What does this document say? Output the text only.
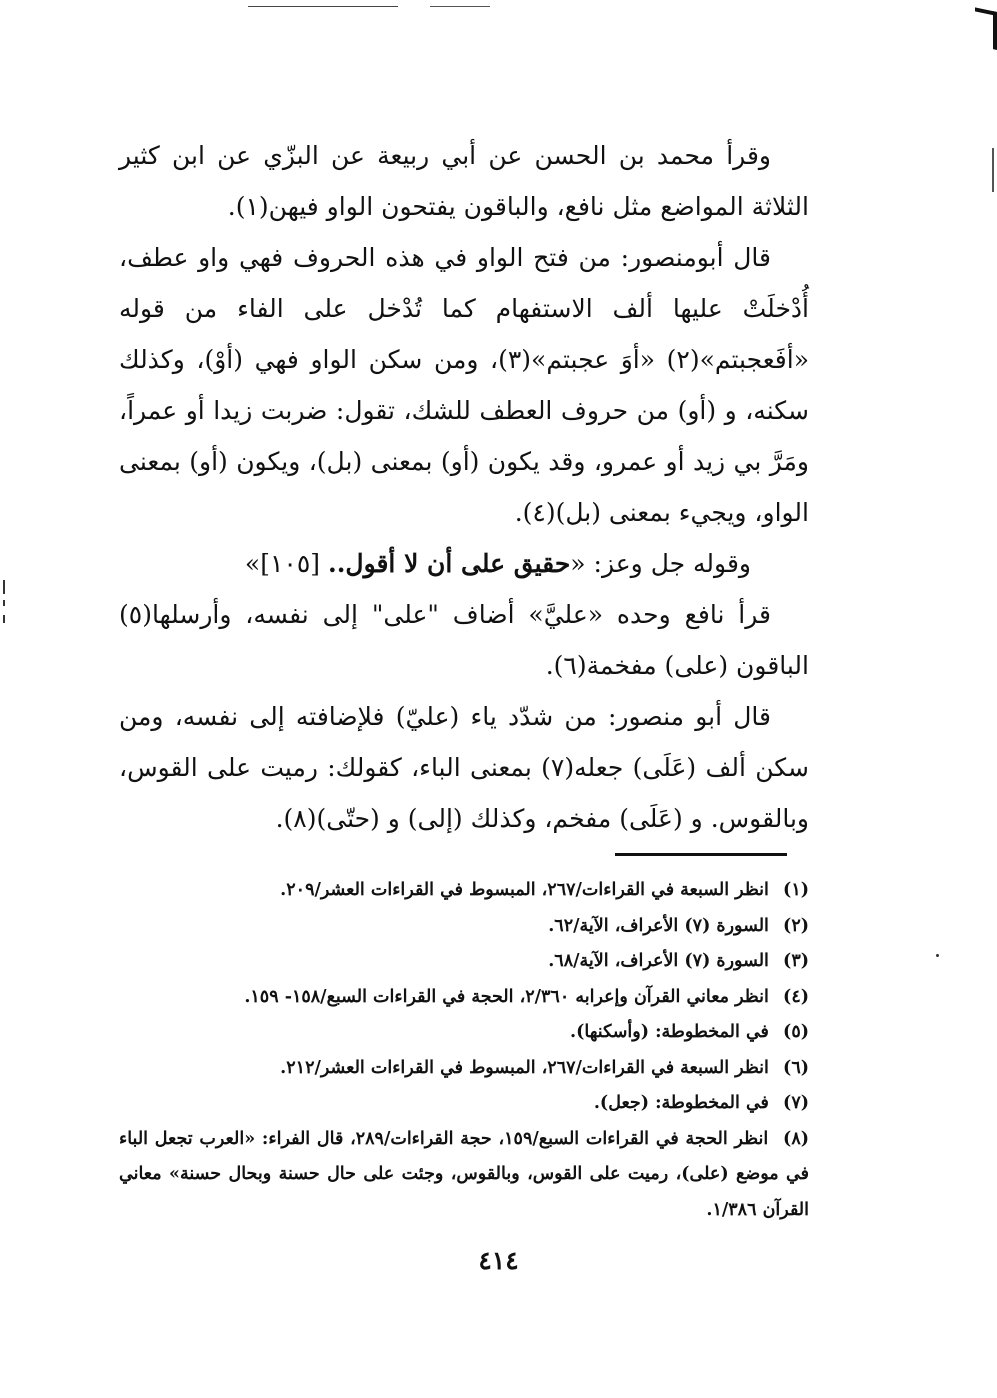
وقرأ محمد بن الحسن عن أبي ربيعة عن البزّي عن ابن كثير الثلاثة المواضع مثل نافع، والباقون يفتحون الواو فيهن(١).

قال أبومنصور: من فتح الواو في هذه الحروف فهي واو عطف، أُدْخلَتْ عليها ألف الاستفهام كما تُدْخل على الفاء من قوله «أفَعجبتم»(٢) «أوَ عجبتم»(٣)، ومن سكن الواو فهي (أوْ)، وكذلك سكنه، و (أو) من حروف العطف للشك، تقول: ضربت زيدا أو عمراً، ومَرَّ بي زيد أو عمرو، وقد يكون (أو) بمعنى (بل)، ويكون (أو) بمعنى الواو، ويجيء بمعنى (بل)(٤).

وقوله جل وعز: «حقيق على أن لا أقول.. [١٠٥]»

قرأ نافع وحده «عليَّ» أضاف "على" إلى نفسه، وأرسلها(٥) الباقون (على) مفخمة(٦).

قال أبو منصور: من شدّد ياء (عليّ) فلإضافته إلى نفسه، ومن سكن ألف (عَلَى) جعله(٧) بمعنى الباء، كقولك: رميت على القوس، وبالقوس. و (عَلَى) مفخم، وكذلك (إلى) و (حتّى)(٨).

(١) انظر السبعة في القراءات/٢٦٧، المبسوط في القراءات العشر/٢٠٩.

(٢) السورة (٧) الأعراف، الآية/٦٢.

(٣) السورة (٧) الأعراف، الآية/٦٨.

(٤) انظر معاني القرآن وإعرابه ٢/٣٦٠، الحجة في القراءات السبع/١٥٨- ١٥٩.

(٥) في المخطوطة: (وأسكنها).

(٦) انظر السبعة في القراءات/٢٦٧، المبسوط في القراءات العشر/٢١٢.

(٧) في المخطوطة: (جعل).

(٨) انظر الحجة في القراءات السبع/١٥٩، حجة القراءات/٢٨٩، قال الفراء: «العرب تجعل الباء في موضع (على)، رميت على القوس، وبالقوس، وجئت على حال حسنة وبحال حسنة» معاني القرآن ١/٣٨٦.

٤١٤
